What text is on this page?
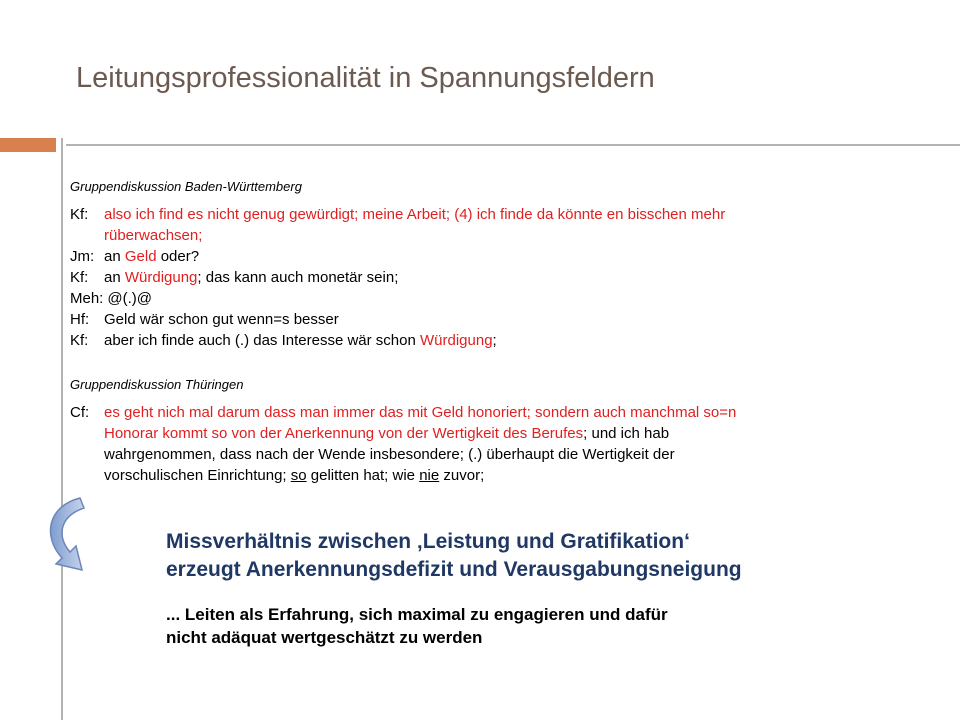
Leitungsprofessionalität in Spannungsfeldern
Gruppendiskussion Baden-Württemberg
Kf:	also ich find es nicht genug gewürdigt; meine Arbeit; (4) ich finde da könnte en bisschen mehr
rüberwachsen;
Jm: an Geld oder?
Kf:	an Würdigung; das kann auch monetär sein;
Meh: @(.)@
Hf: Geld wär schon gut wenn=s besser
Kf:	aber ich finde auch (.) das Interesse wär schon Würdigung;
Gruppendiskussion Thüringen
Cf: es geht nich mal darum dass man immer das mit Geld honoriert; sondern auch manchmal so=n
Honorar kommt so von der Anerkennung von der Wertigkeit des Berufes; und ich hab
wahrgenommen, dass nach der Wende insbesondere; (.) überhaupt die Wertigkeit der
vorschulischen Einrichtung; so gelitten hat; wie nie zuvor;
Missverhältnis zwischen ‚Leistung und Gratifikation‘
erzeugt Anerkennungsdefizit und Verausgabungsneigung
... Leiten als Erfahrung, sich maximal zu engagieren und dafür
nicht adäquat wertgeschätzt zu werden
